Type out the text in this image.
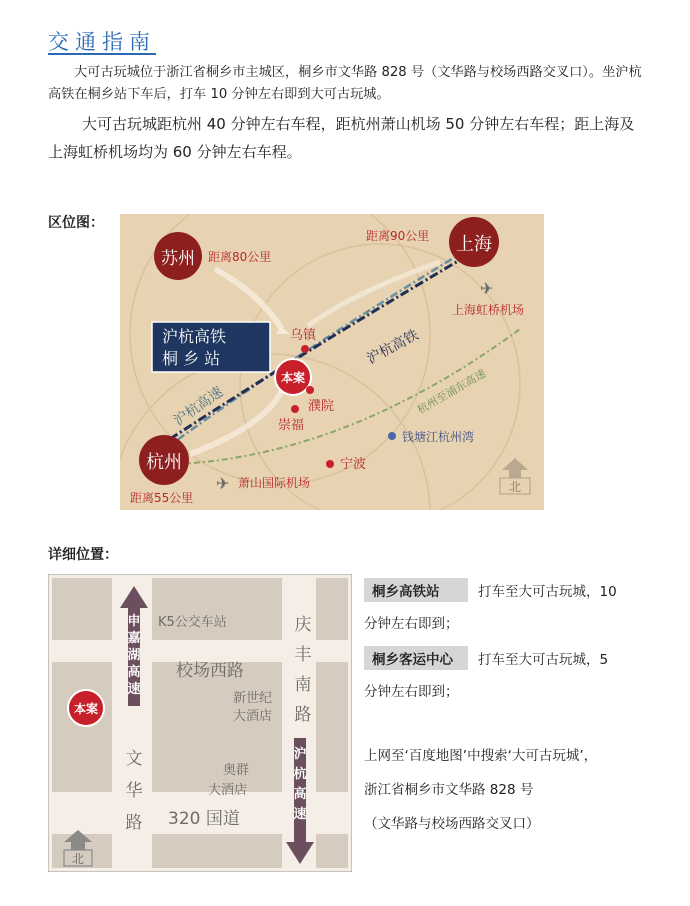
交通指南

大可古玩城位于浙江省桐乡市主城区，桐乡市文华路 828 号（文华路与校场西路交叉口）。坐沪杭高铁在桐乡站下车后，打车 10 分钟左右即到大可古玩城。

大可古玩城距杭州 40 分钟左右车程，距杭州萧山机场 50 分钟左右车程；距上海及上海虹桥机场均为 60 分钟左右车程。

区位图：

苏州 距离80公里
上海
距离90公里
杭州
距离55公里
沪杭高铁
桐 乡 站
本案
乌镇
濮院
崇福
宁波
沪杭高铁
沪杭高速	杭州至浦东高速
✈
上海虹桥机场
✈ 萧山国际机场
钱塘江杭州湾
北

详细位置：

申
嘉
湖
高
速
沪
杭
高
速
K5公交车站	庆
丰
南
路
校场西路
新世纪
大酒店
奥群
大酒店
文
华
路 320 国道
本案
北

桐乡高铁站	打车至大可古玩城，10

分钟左右即到；

桐乡客运中心 打车至大可古玩城，5

分钟左右即到；

上网至‘百度地图’中搜索‘大可古玩城’，

浙江省桐乡市文华路 828 号

（文华路与校场西路交叉口）
